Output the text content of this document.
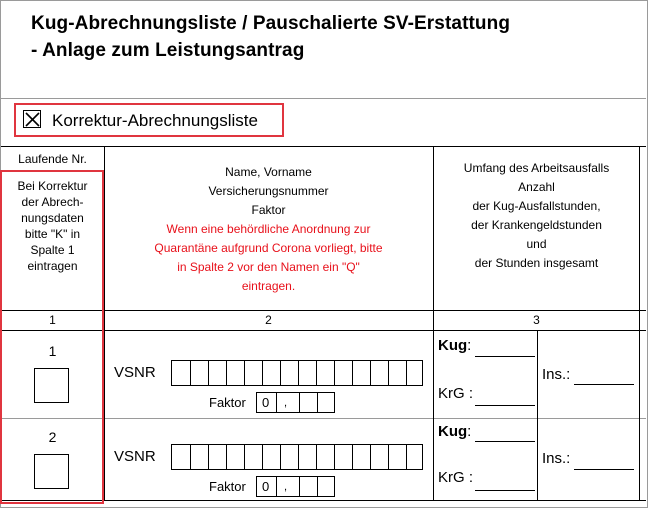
Kug-Abrechnungsliste / Pauschalierte SV-Erstattung
- Anlage zum Leistungsantrag
Korrektur-Abrechnungsliste
Laufende Nr.
Bei Korrektur
der Abrech-
nungsdaten
bitte "K" in
Spalte 1
eintragen
Name, Vorname
Versicherungsnummer
Faktor
Wenn eine behördliche Anordnung zur
Quarantäne aufgrund Corona vorliegt, bitte
in Spalte 2 vor den Namen ein "Q"
eintragen.
Umfang des Arbeitsausfalls
Anzahl
der Kug-Ausfallstunden,
der Krankengeldstunden
und
der Stunden insgesamt
1	2	3
1
VSNR
Faktor 0 ,
Kug:
KrG :
Ins.:
2
VSNR
Faktor 0 ,
Kug:
KrG :
Ins.:
